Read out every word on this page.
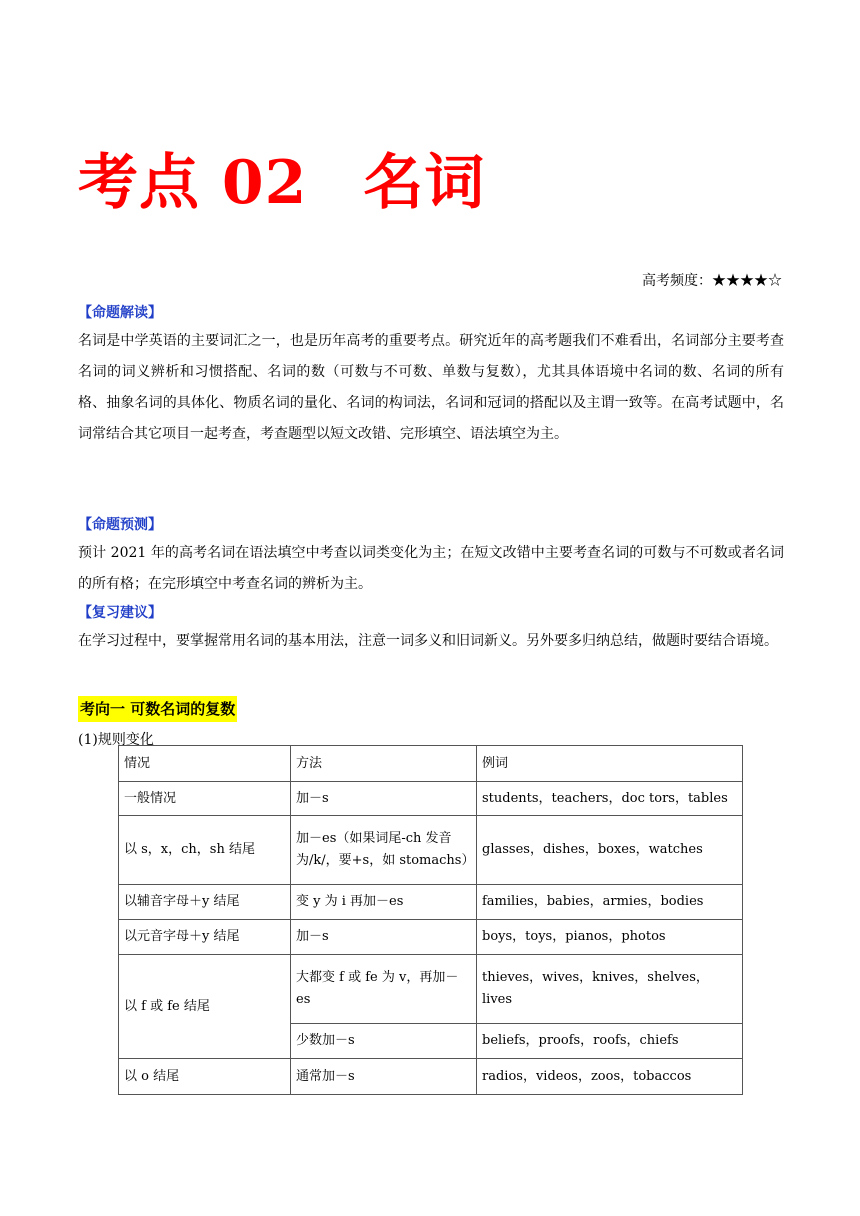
考点 02 名词
高考频度：★★★★☆

【命题解读】

名词是中学英语的主要词汇之一，也是历年高考的重要考点。研究近年的高考题我们不难看出，名词部分主要考查名词的词义辨析和习惯搭配、名词的数（可数与不可数、单数与复数），尤其具体语境中名词的数、名词的所有格、抽象名词的具体化、物质名词的量化、名词的构词法，名词和冠词的搭配以及主谓一致等。在高考试题中，名词常结合其它项目一起考查，考查题型以短文改错、完形填空、语法填空为主。

【命题预测】

预计 2021 年的高考名词在语法填空中考查以词类变化为主；在短文改错中主要考查名词的可数与不可数或者名词的所有格；在完形填空中考查名词的辨析为主。

【复习建议】

在学习过程中，要掌握常用名词的基本用法，注意一词多义和旧词新义。另外要多归纳总结，做题时要结合语境。

考向一 可数名词的复数

(1)规则变化

情况	方法	例词
一般情况	加－s	students，teachers，doc tors，tables
以 s，x，ch，sh 结尾	加－es（如果词尾-ch 发音为/k/，要+s，如 stomachs）	glasses，dishes，boxes，watches
以辅音字母＋y 结尾	变 y 为 i 再加－es	families，babies，armies，bodies
以元音字母＋y 结尾	加－s	boys，toys，pianos，photos
以 f 或 fe 结尾	大都变 f 或 fe 为 v，再加－es	thieves，wives，knives，shelves，lives
	少数加－s	beliefs，proofs，roofs，chiefs
以 o 结尾	通常加－s	radios，videos，zoos，tobaccos
